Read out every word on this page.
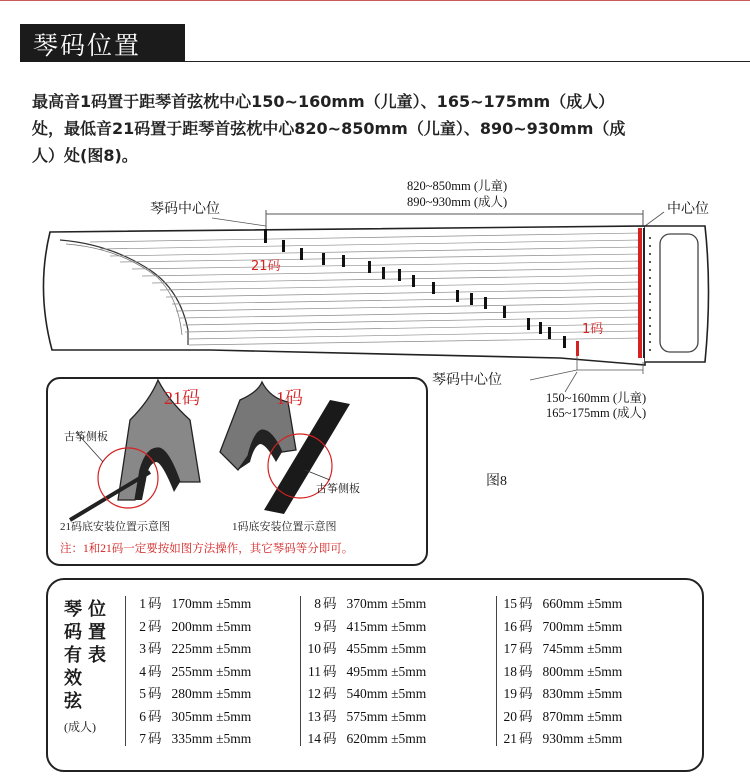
琴码位置
最高音1码置于距琴首弦枕中心150~160mm（儿童）、165~175mm（成人）
处，最低音21码置于距琴首弦枕中心820~850mm（儿童）、890~930mm（成
人）处(图8)。
820~850mm (儿童)
890~930mm (成人)
琴码中心位	中心位
21码
1码
琴码中心位
150~160mm (儿童)
165~175mm (成人)
21码	1码
古筝侧板
古筝侧板
21码底安装位置示意图	1码底安装位置示意图
注：1和21码一定要按如图方法操作，其它琴码等分即可。
图8
琴
码
有
效
弦
位
置
表
(成人)
1 码 170mm ±5mm
2 码 200mm ±5mm
3 码 225mm ±5mm
4 码 255mm ±5mm
5 码 280mm ±5mm
6 码 305mm ±5mm
7 码 335mm ±5mm
8 码 370mm ±5mm
9 码 415mm ±5mm
10 码 455mm ±5mm
11 码 495mm ±5mm
12 码 540mm ±5mm
13 码 575mm ±5mm
14 码 620mm ±5mm
15 码 660mm ±5mm
16 码 700mm ±5mm
17 码 745mm ±5mm
18 码 800mm ±5mm
19 码 830mm ±5mm
20 码 870mm ±5mm
21 码 930mm ±5mm
